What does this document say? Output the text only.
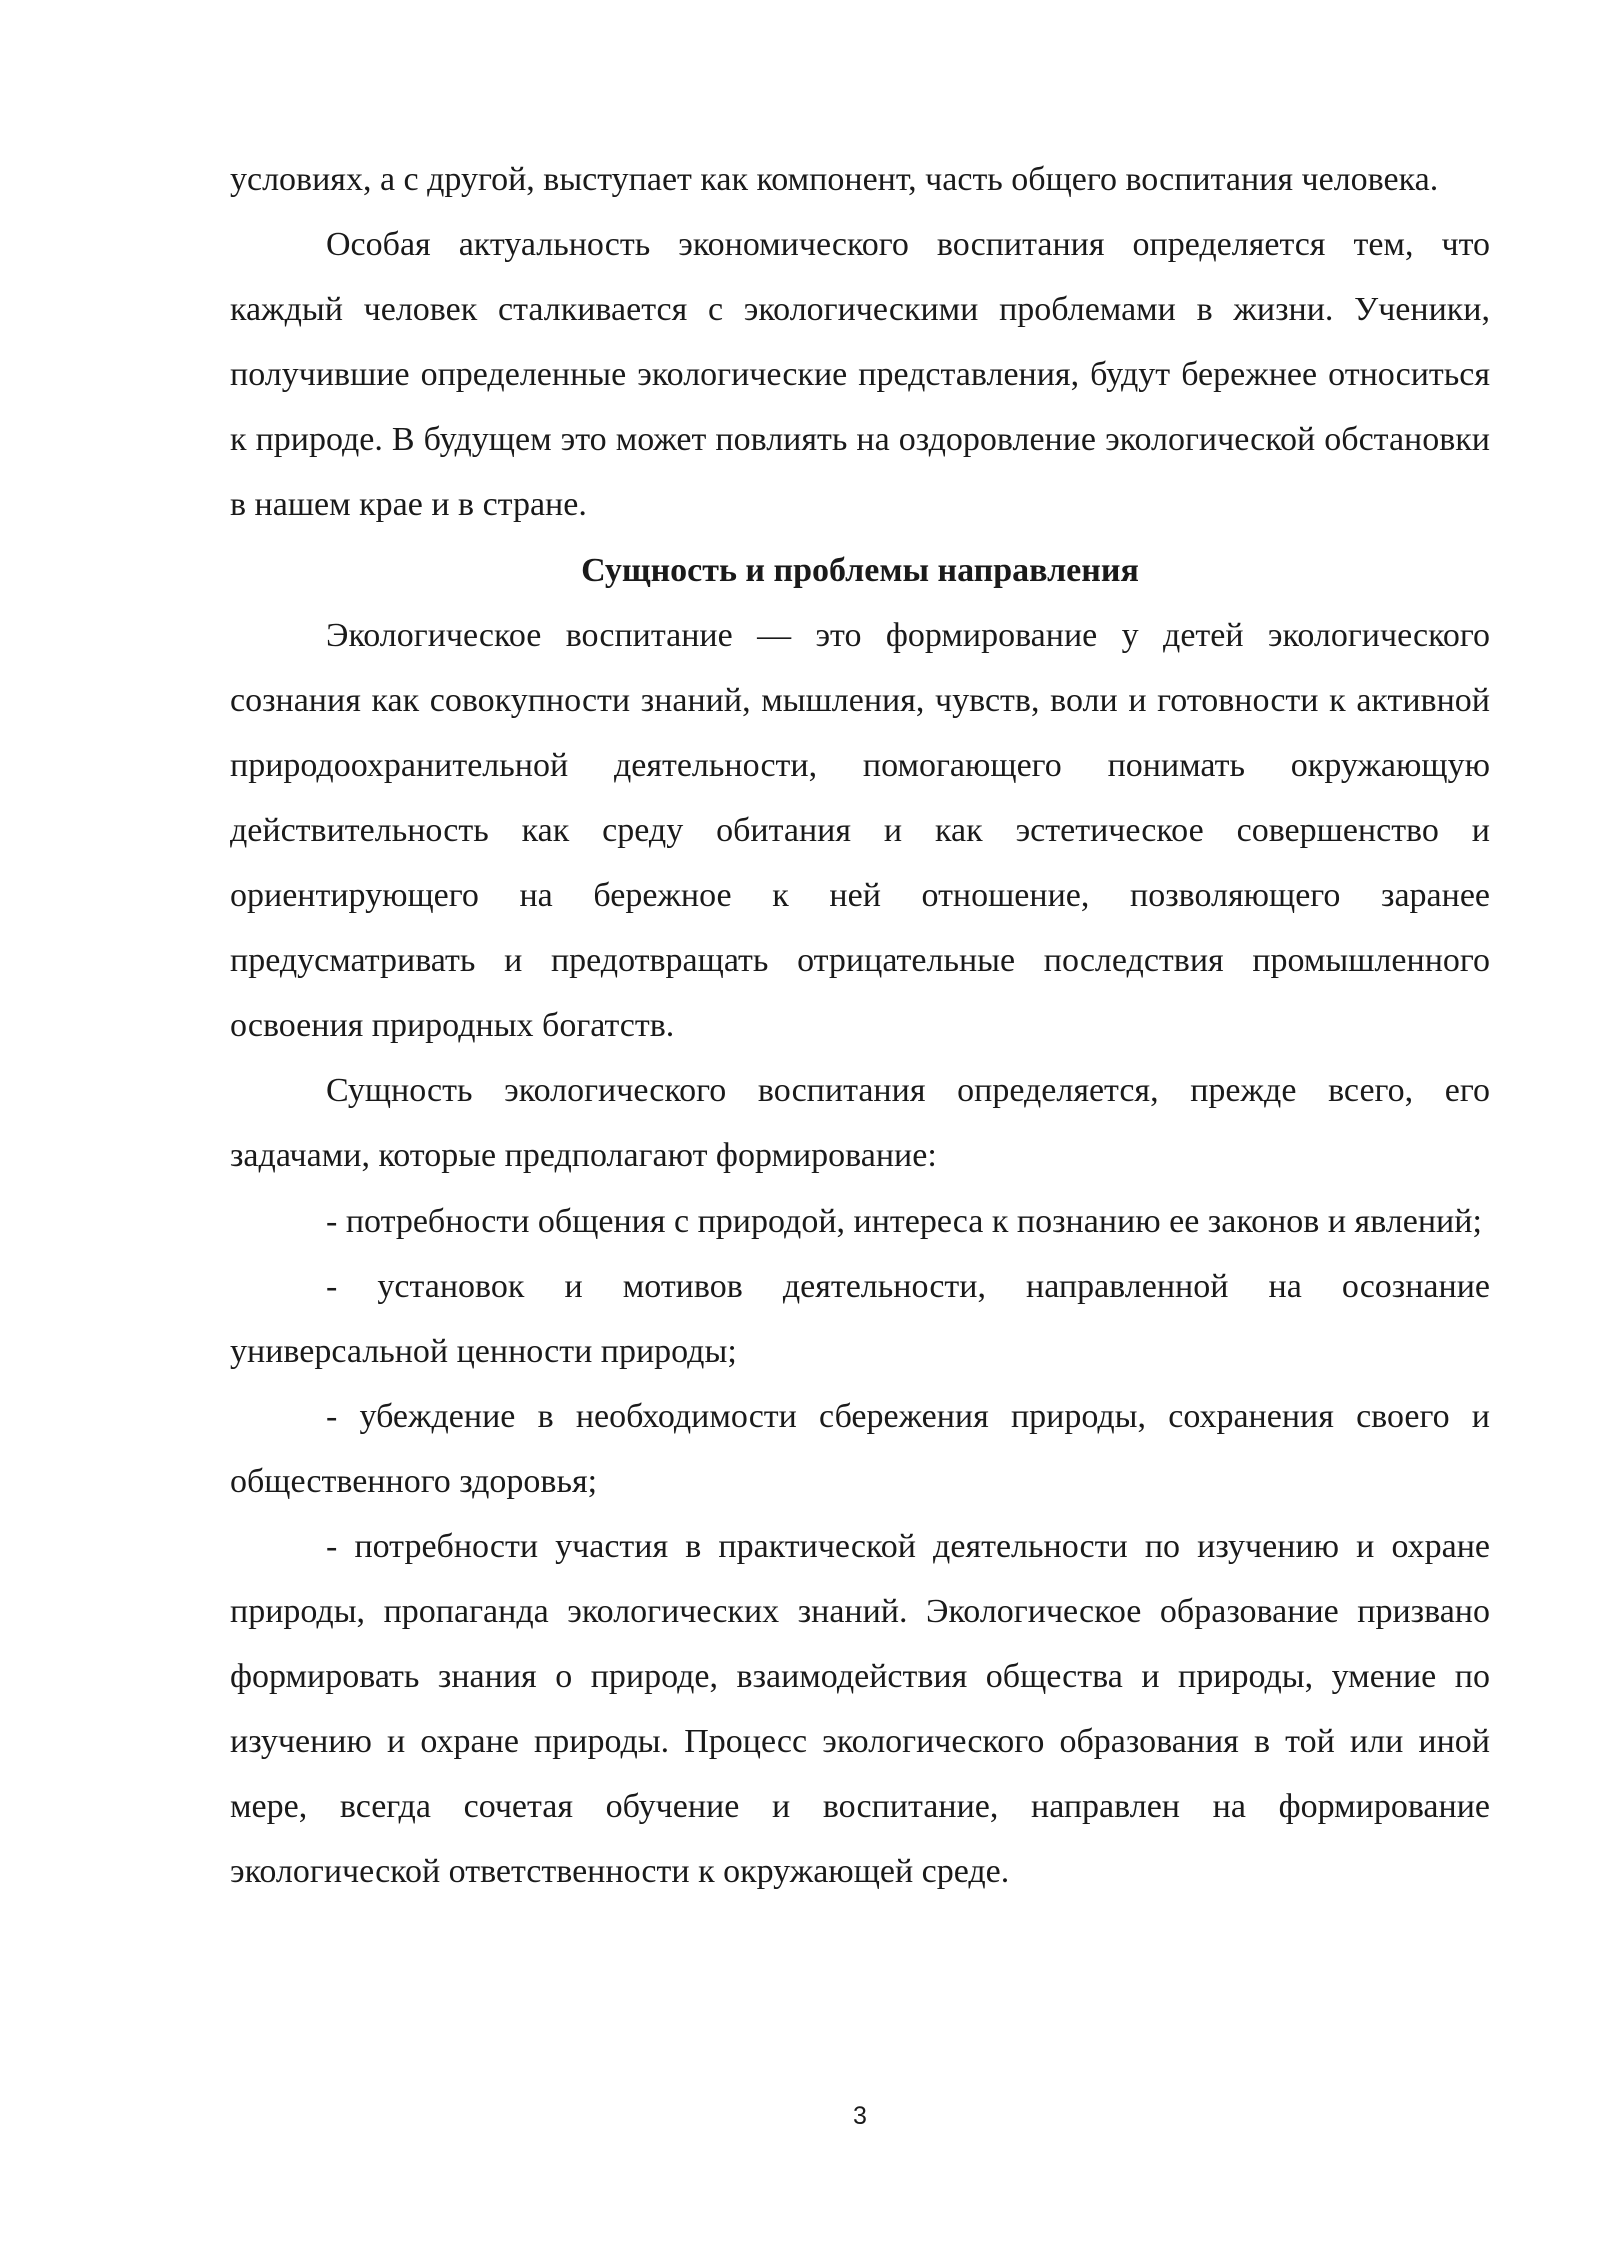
условиях, а с другой, выступает как компонент, часть общего воспитания человека.

Особая актуальность экономического воспитания определяется тем, что каждый человек сталкивается с экологическими проблемами в жизни. Ученики, получившие определенные экологические представления, будут бережнее относиться к природе. В будущем это может повлиять на оздоровление экологической обстановки в нашем крае и в стране.

Сущность и проблемы направления

Экологическое воспитание — это формирование у детей экологического сознания как совокупности знаний, мышления, чувств, воли и готовности к активной природоохранительной деятельности, помогающего понимать окружающую действительность как среду обитания и как эстетическое совершенство и ориентирующего на бережное к ней отношение, позволяющего заранее предусматривать и предотвращать отрицательные последствия промышленного освоения природных богатств.

Сущность экологического воспитания определяется, прежде всего, его задачами, которые предполагают формирование:

- потребности общения с природой, интереса к познанию ее законов и явлений;

- установок и мотивов деятельности, направленной на осознание универсальной ценности природы;

- убеждение в необходимости сбережения природы, сохранения своего и общественного здоровья;

- потребности участия в практической деятельности по изучению и охране природы, пропаганда экологических знаний. Экологическое образование призвано формировать знания о природе, взаимодействия общества и природы, умение по изучению и охране природы. Процесс экологического образования в той или иной мере, всегда сочетая обучение и воспитание, направлен на формирование экологической ответственности к окружающей среде.

3
